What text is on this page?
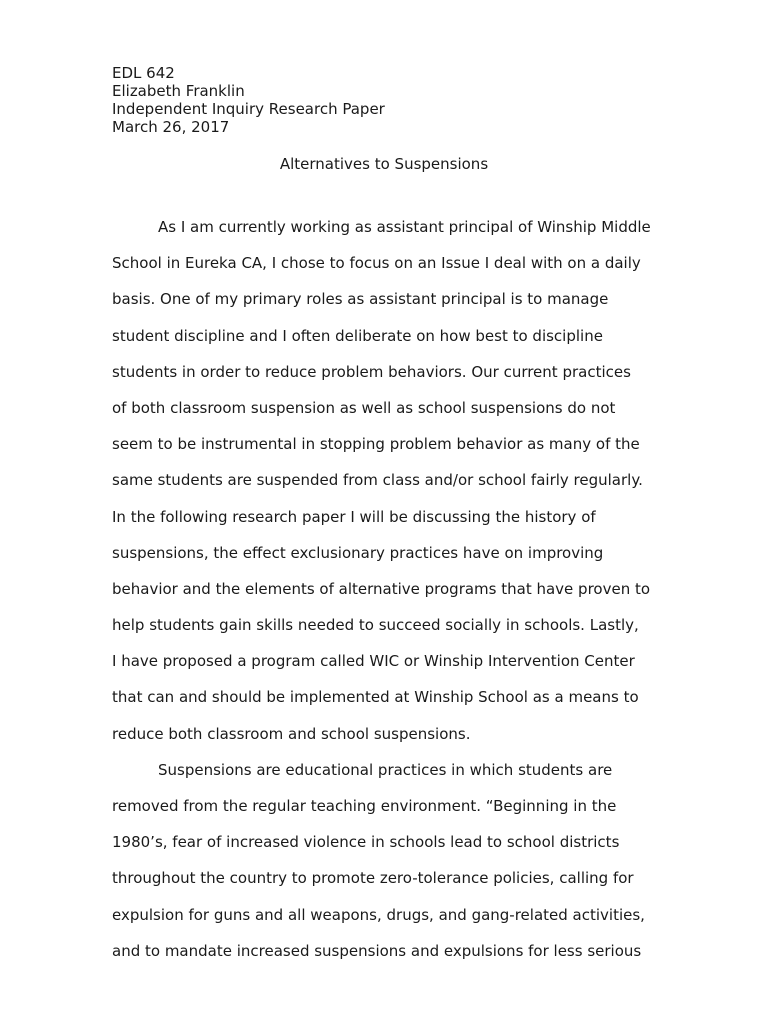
EDL 642
Elizabeth Franklin
Independent Inquiry Research Paper
March 26, 2017
Alternatives to Suspensions
As I am currently working as assistant principal of Winship Middle
School in Eureka CA, I chose to focus on an Issue I deal with on a daily
basis. One of my primary roles as assistant principal is to manage
student discipline and I often deliberate on how best to discipline
students in order to reduce problem behaviors. Our current practices
of both classroom suspension as well as school suspensions do not
seem to be instrumental in stopping problem behavior as many of the
same students are suspended from class and/or school fairly regularly.
In the following research paper I will be discussing the history of
suspensions, the effect exclusionary practices have on improving
behavior and the elements of alternative programs that have proven to
help students gain skills needed to succeed socially in schools. Lastly,
I have proposed a program called WIC or Winship Intervention Center
that can and should be implemented at Winship School as a means to
reduce both classroom and school suspensions.
Suspensions are educational practices in which students are
removed from the regular teaching environment. “Beginning in the
1980’s, fear of increased violence in schools lead to school districts
throughout the country to promote zero-tolerance policies, calling for
expulsion for guns and all weapons, drugs, and gang-related activities,
and to mandate increased suspensions and expulsions for less serious
